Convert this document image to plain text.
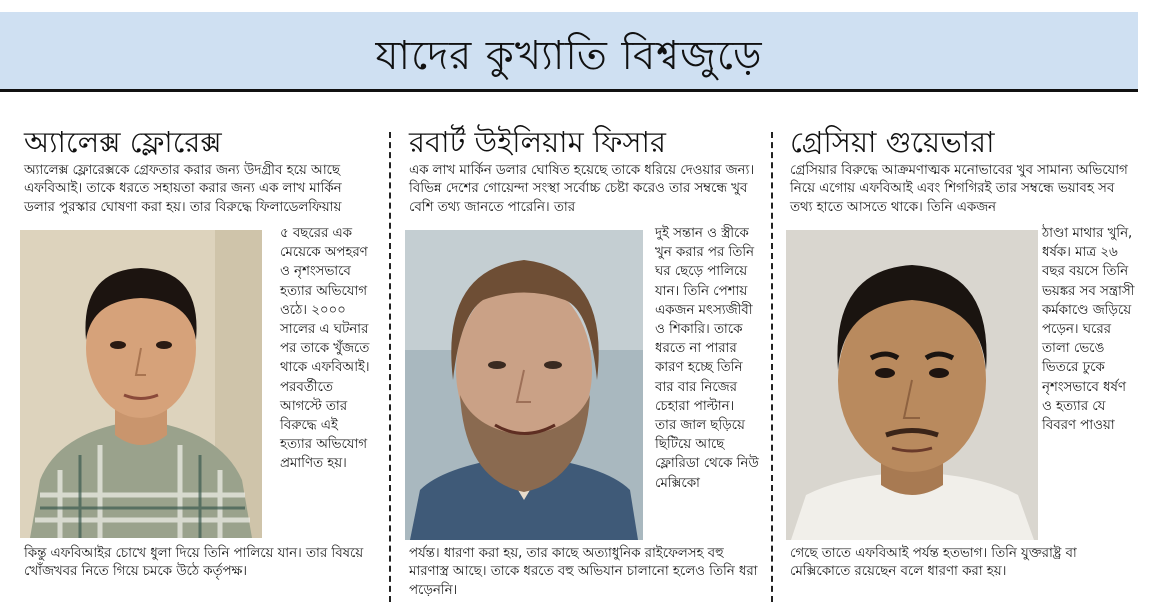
যাদের কুখ্যাতি বিশ্বজুড়ে
অ্যালেক্স ফ্লোরেক্স

অ্যালেক্স ফ্লোরেক্সকে গ্রেফতার করার জন্য উদগ্রীব হয়ে আছে এফবিআই। তাকে ধরতে সহায়তা করার জন্য এক লাখ মার্কিন ডলার পুরস্কার ঘোষণা করা হয়। তার বিরুদ্ধে ফিলাডেলফিয়ায়

৫ বছরের এক মেয়েকে অপহরণ ও নৃশংসভাবে হত্যার অভিযোগ ওঠে। ২০০০ সালের এ ঘটনার পর তাকে খুঁজতে থাকে এফবিআই। পরবর্তীতে আগস্টে তার বিরুদ্ধে এই হত্যার অভিযোগ প্রমাণিত হয়।

কিন্তু এফবিআইর চোখে ধুলা দিয়ে তিনি পালিয়ে যান। তার বিষয়ে খোঁজখবর নিতে গিয়ে চমকে উঠে কর্তৃপক্ষ।

রবার্ট উইলিয়াম ফিসার

এক লাখ মার্কিন ডলার ঘোষিত হয়েছে তাকে ধরিয়ে দেওয়ার জন্য। বিভিন্ন দেশের গোয়েন্দা সংস্থা সর্বোচ্চ চেষ্টা করেও তার সম্বন্ধে খুব বেশি তথ্য জানতে পারেনি। তার

দুই সন্তান ও স্ত্রীকে খুন করার পর তিনি ঘর ছেড়ে পালিয়ে যান। তিনি পেশায় একজন মৎস্যজীবী ও শিকারি। তাকে ধরতে না পারার কারণ হচ্ছে তিনি বার বার নিজের চেহারা পাল্টান। তার জাল ছড়িয়ে ছিটিয়ে আছে ফ্লোরিডা থেকে নিউ মেক্সিকো

পর্যন্ত। ধারণা করা হয়, তার কাছে অত্যাধুনিক রাইফেলসহ বহু মারণাস্ত্র আছে। তাকে ধরতে বহু অভিযান চালানো হলেও তিনি ধরা পড়েননি।

গ্রেসিয়া গুয়েভারা

গ্রেসিয়ার বিরুদ্ধে আক্রমণাত্মক মনোভাবের খুব সামান্য অভিযোগ নিয়ে এগোয় এফবিআই এবং শিগগিরই তার সম্বন্ধে ভয়াবহ সব তথ্য হাতে আসতে থাকে। তিনি একজন

ঠাণ্ডা মাথার খুনি, ধর্ষক। মাত্র ২৬ বছর বয়সে তিনি ভয়ঙ্কর সব সন্ত্রাসী কর্মকাণ্ডে জড়িয়ে পড়েন। ঘরের তালা ভেঙে ভিতরে ঢুকে নৃশংসভাবে ধর্ষণ ও হত্যার যে বিবরণ পাওয়া

গেছে তাতে এফবিআই পর্যন্ত হতভাগ। তিনি যুক্তরাষ্ট্র বা মেক্সিকোতে রয়েছেন বলে ধারণা করা হয়।
